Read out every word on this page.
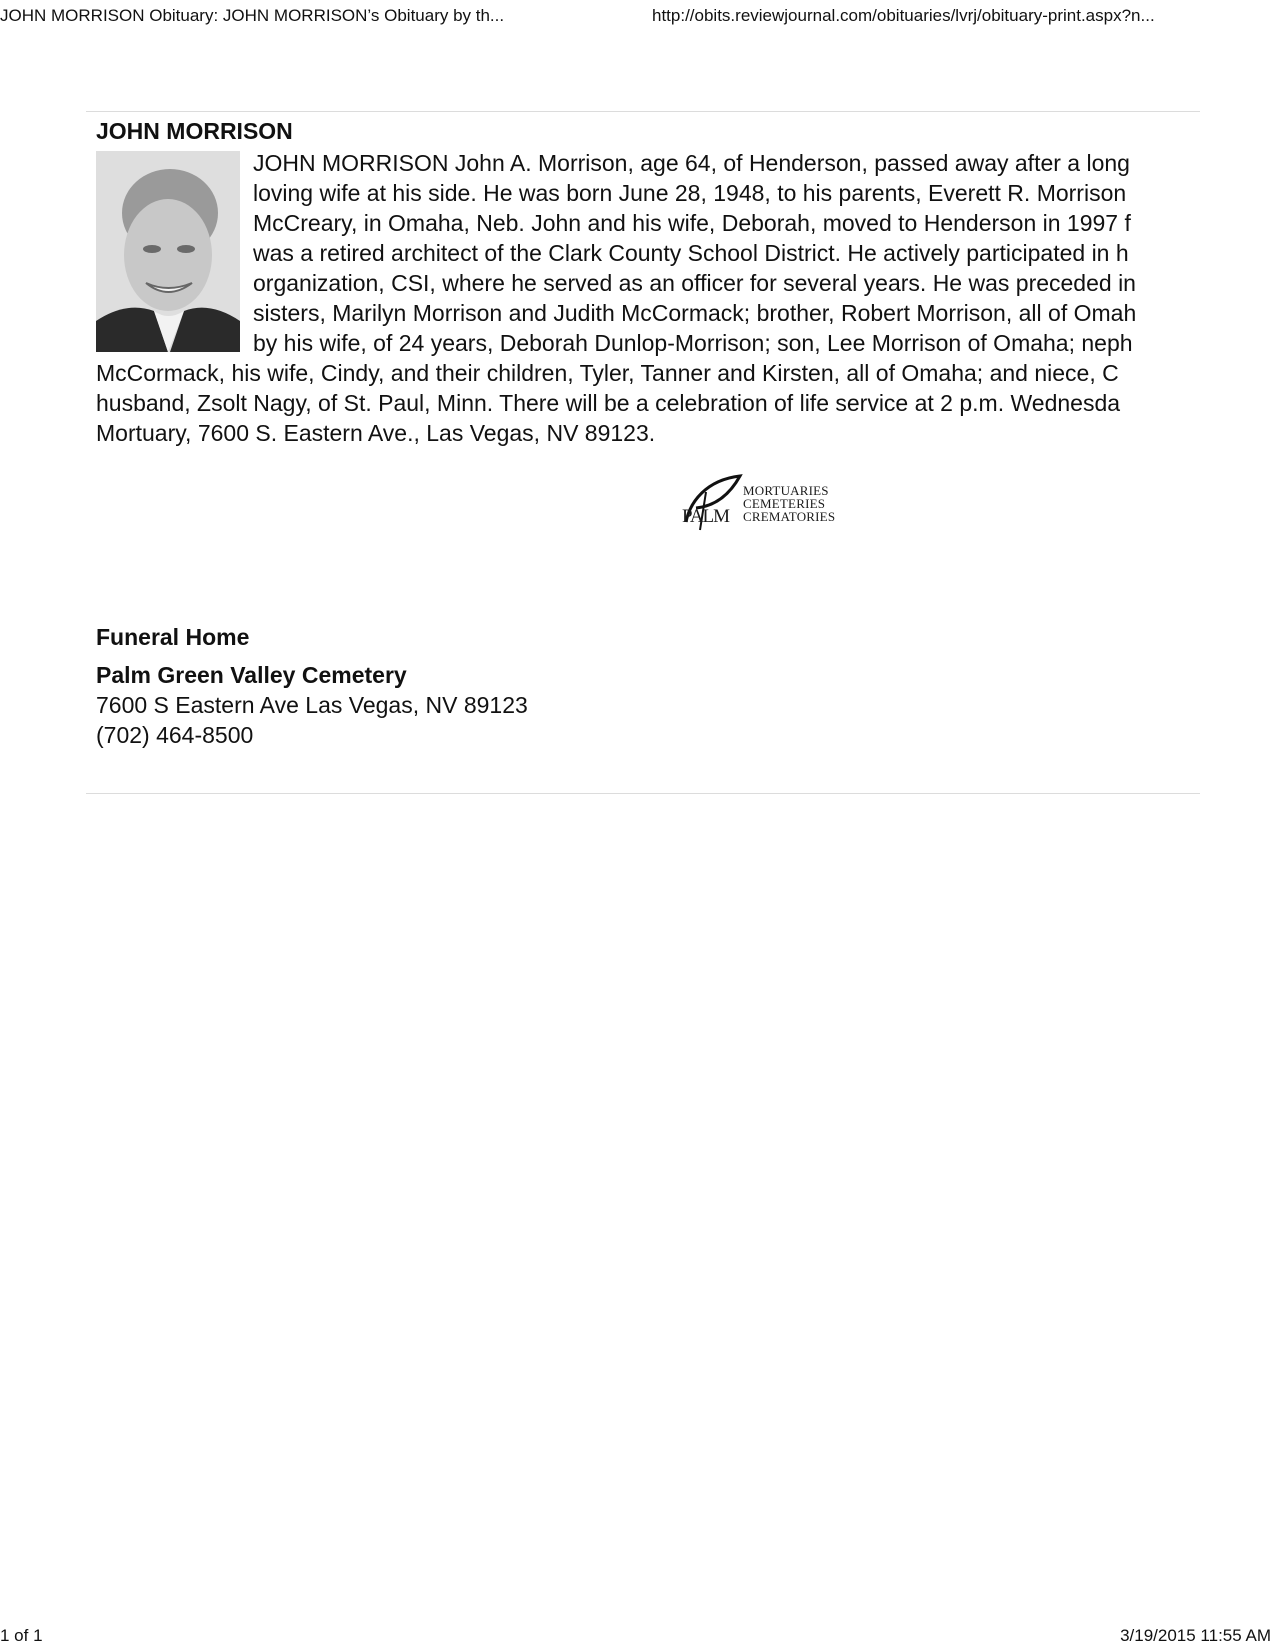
JOHN MORRISON Obituary: JOHN MORRISON’s Obituary by th...	http://obits.reviewjournal.com/obituaries/lvrj/obituary-print.aspx?n...
JOHN MORRISON
JOHN MORRISON John A. Morrison, age 64, of Henderson, passed away after a long
loving wife at his side. He was born June 28, 1948, to his parents, Everett R. Morrison
McCreary, in Omaha, Neb. John and his wife, Deborah, moved to Henderson in 1997 f
was a retired architect of the Clark County School District. He actively participated in h
organization, CSI, where he served as an officer for several years. He was preceded in
sisters, Marilyn Morrison and Judith McCormack; brother, Robert Morrison, all of Omah
by his wife, of 24 years, Deborah Dunlop-Morrison; son, Lee Morrison of Omaha; neph
McCormack, his wife, Cindy, and their children, Tyler, Tanner and Kirsten, all of Omaha; and niece, C
husband, Zsolt Nagy, of St. Paul, Minn. There will be a celebration of life service at 2 p.m. Wednesda
Mortuary, 7600 S. Eastern Ave., Las Vegas, NV 89123.
PALM
MORTUARIES
CEMETERIES
CREMATORIES
Funeral Home
Palm Green Valley Cemetery
7600 S Eastern Ave Las Vegas, NV 89123
(702) 464-8500
1 of 1	3/19/2015 11:55 AM
